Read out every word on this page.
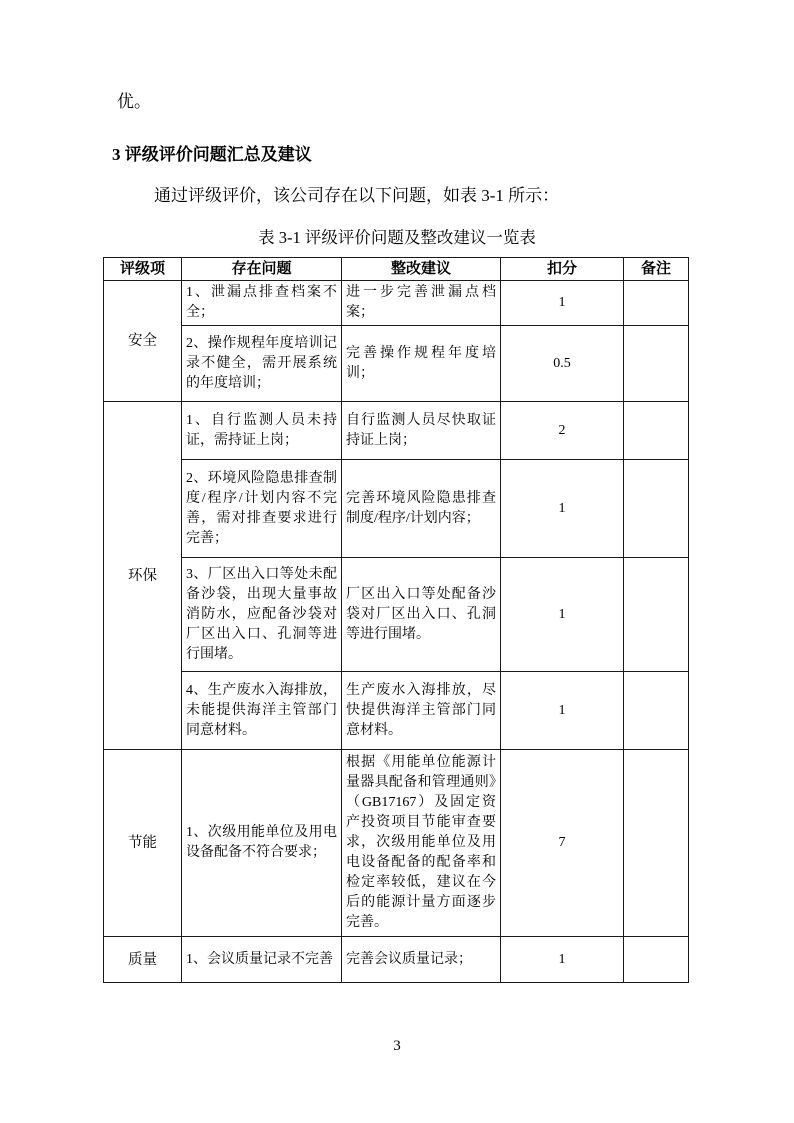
优。

3 评级评价问题汇总及建议

通过评级评价，该公司存在以下问题，如表 3-1 所示：

表 3-1 评级评价问题及整改建议一览表

评级项	存在问题	整改建议	扣分	备注
安全	1、泄漏点排查档案不全；	进一步完善泄漏点档案；	1	
	2、操作规程年度培训记录不健全，需开展系统的年度培训；	完善操作规程年度培训；	0.5	
环保	1、自行监测人员未持证，需持证上岗；	自行监测人员尽快取证持证上岗；	2	
	2、环境风险隐患排查制度/程序/计划内容不完善，需对排查要求进行完善；	完善环境风险隐患排查制度/程序/计划内容；	1	
	3、厂区出入口等处未配备沙袋，出现大量事故消防水，应配备沙袋对厂区出入口、孔洞等进行围堵。	厂区出入口等处配备沙袋对厂区出入口、孔洞等进行围堵。	1	
	4、生产废水入海排放，未能提供海洋主管部门同意材料。	生产废水入海排放，尽快提供海洋主管部门同意材料。	1	
节能	1、次级用能单位及用电设备配备不符合要求；	根据《用能单位能源计量器具配备和管理通则》（GB17167）及固定资产投资项目节能审查要求，次级用能单位及用电设备配备的配备率和检定率较低，建议在今后的能源计量方面逐步完善。	7	
质量	1、会议质量记录不完善	完善会议质量记录；	1	
3
